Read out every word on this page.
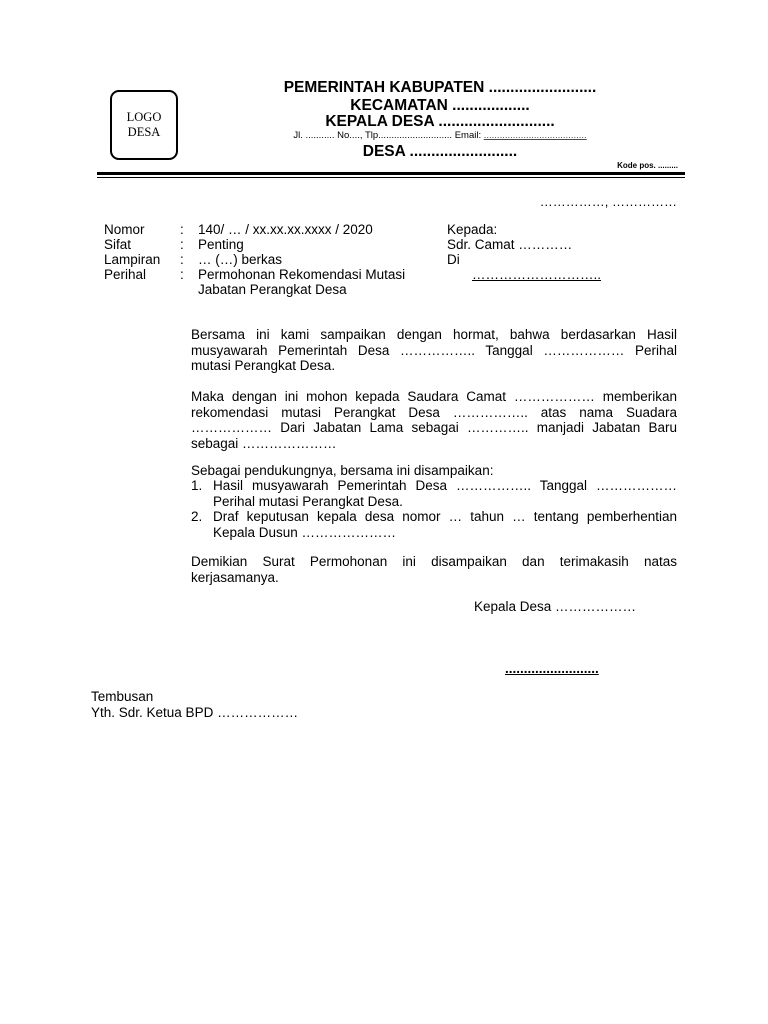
LOGO
DESA
PEMERINTAH KABUPATEN .........................
KECAMATAN ..................
KEPALA DESA ...........................
Jl. ........... No...., Tlp............................ Email: .......................................
DESA .........................
Kode pos. .........
……………, ……………
Nomor	: 140/ … / xx.xx.xx.xxxx / 2020
Sifat	: Penting
Lampiran : … (…) berkas
Perihal	: Permohonan Rekomendasi Mutasi
Jabatan Perangkat Desa
Kepada:
Sdr. Camat …………
Di
………………………..

Bersama ini kami sampaikan dengan hormat, bahwa berdasarkan Hasil musyawarah Pemerintah Desa …………….. Tanggal ……………… Perihal mutasi Perangkat Desa.

Maka dengan ini mohon kepada Saudara Camat ……………… memberikan rekomendasi mutasi Perangkat Desa …………….. atas nama Suadara ……………… Dari Jabatan Lama sebagai ………….. manjadi Jabatan Baru sebagai …………………

Sebagai pendukungnya, bersama ini disampaikan:

1. Hasil musyawarah Pemerintah Desa …………….. Tanggal ……………… Perihal mutasi Perangkat Desa.
2. Draf keputusan kepala desa nomor … tahun … tentang pemberhentian Kepala Dusun …………………

Demikian Surat Permohonan ini disampaikan dan terimakasih natas kerjasamanya.

Kepala Desa ………………
.........................
Tembusan
Yth. Sdr. Ketua BPD ………………
